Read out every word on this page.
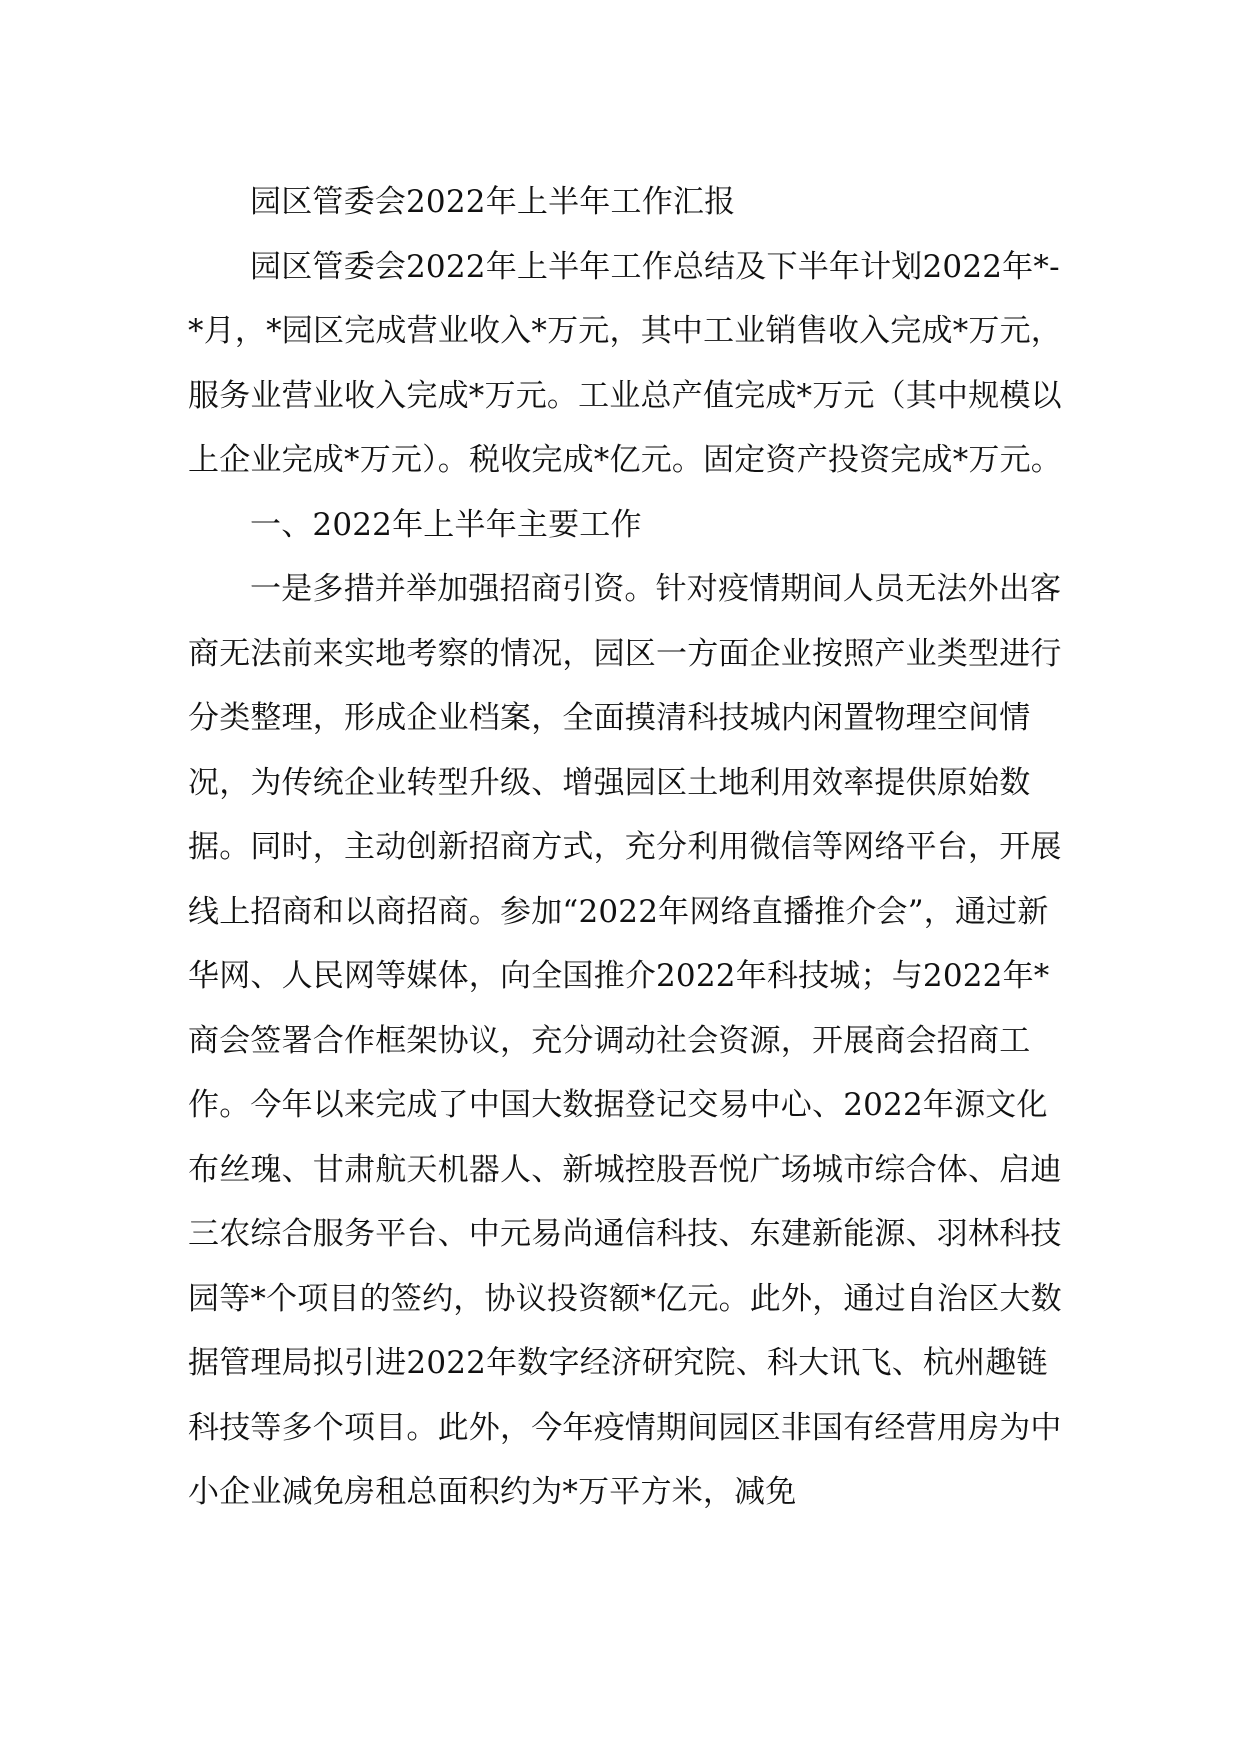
园区管委会2022年上半年工作汇报

园区管委会2022年上半年工作总结及下半年计划2022年*-*月，*园区完成营业收入*万元，其中工业销售收入完成*万元，服务业营业收入完成*万元。工业总产值完成*万元（其中规模以上企业完成*万元）。税收完成*亿元。固定资产投资完成*万元。

一、2022年上半年主要工作

一是多措并举加强招商引资。针对疫情期间人员无法外出客商无法前来实地考察的情况，园区一方面企业按照产业类型进行分类整理，形成企业档案，全面摸清科技城内闲置物理空间情况，为传统企业转型升级、增强园区土地利用效率提供原始数据。同时，主动创新招商方式，充分利用微信等网络平台，开展线上招商和以商招商。参加“2022年网络直播推介会”，通过新华网、人民网等媒体，向全国推介2022年科技城；与2022年*商会签署合作框架协议，充分调动社会资源，开展商会招商工作。今年以来完成了中国大数据登记交易中心、2022年源文化布丝瑰、甘肃航天机器人、新城控股吾悦广场城市综合体、启迪三农综合服务平台、中元易尚通信科技、东建新能源、羽林科技园等*个项目的签约，协议投资额*亿元。此外，通过自治区大数据管理局拟引进2022年数字经济研究院、科大讯飞、杭州趣链科技等多个项目。此外，今年疫情期间园区非国有经营用房为中小企业减免房租总面积约为*万平方米，减免
